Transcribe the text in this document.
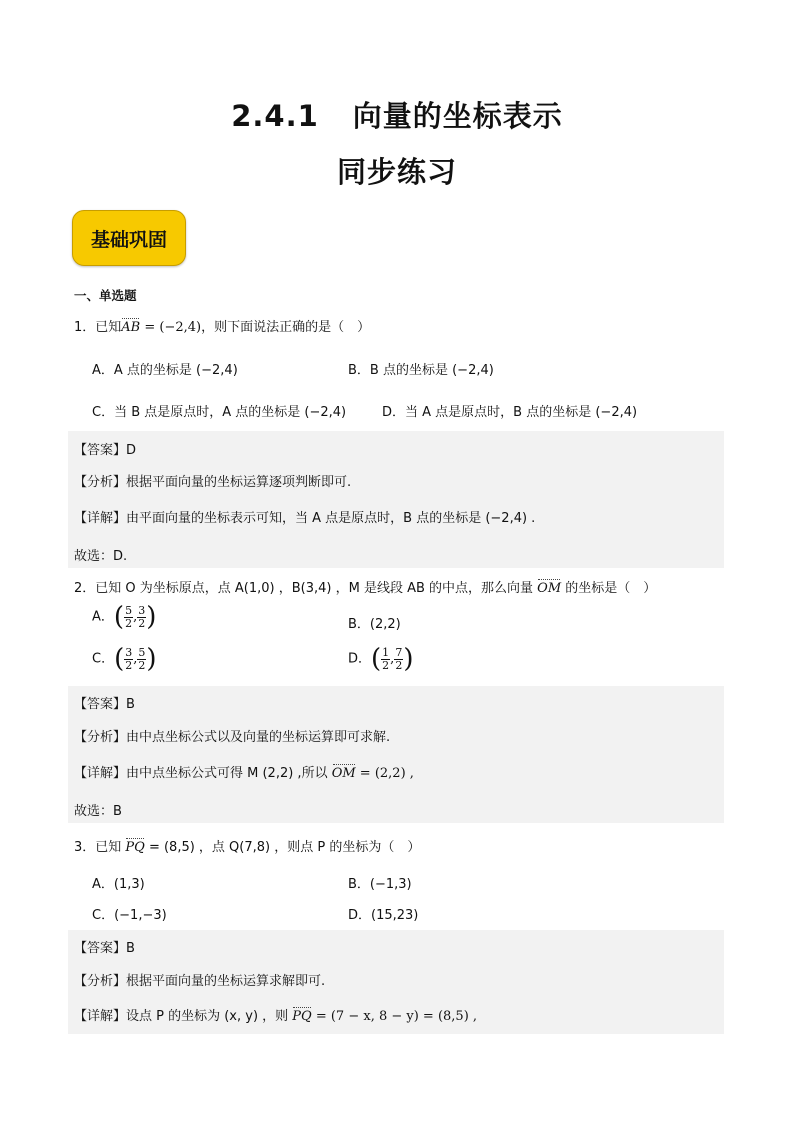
2.4.1 向量的坐标表示
同步练习
基础巩固
一、单选题
1．已知AB = (−2,4)，则下面说法正确的是（　）
A．A 点的坐标是 (−2,4)	B．B 点的坐标是 (−2,4)
C．当 B 点是原点时，A 点的坐标是 (−2,4)	D．当 A 点是原点时，B 点的坐标是 (−2,4)
【答案】D
【分析】根据平面向量的坐标运算逐项判断即可.
【详解】由平面向量的坐标表示可知，当 A 点是原点时，B 点的坐标是 (−2,4) .
故选：D.
2．已知 O 为坐标原点，点 A(1,0) ，B(3,4) ，M 是线段 AB 的中点，那么向量 OM 的坐标是（　）
A．( $\frac{5}{2}$ , $\frac{3}{2}$ )	B．(2,2)
C．( $\frac{3}{2}$ , $\frac{5}{2}$ )	D．( $\frac{1}{2}$ , $\frac{7}{2}$ )
【答案】B
【分析】由中点坐标公式以及向量的坐标运算即可求解.
【详解】由中点坐标公式可得 M (2,2) ,所以 OM = (2,2) ,
故选：B
3．已知 PQ = (8,5) ，点 Q(7,8) ，则点 P 的坐标为（　）
A．(1,3)	B．(−1,3)
C．(−1,−3)	D．(15,23)
【答案】B
【分析】根据平面向量的坐标运算求解即可.
【详解】设点 P 的坐标为 (x, y) ，则 PQ = (7 − x, 8 − y) = (8,5) ,
